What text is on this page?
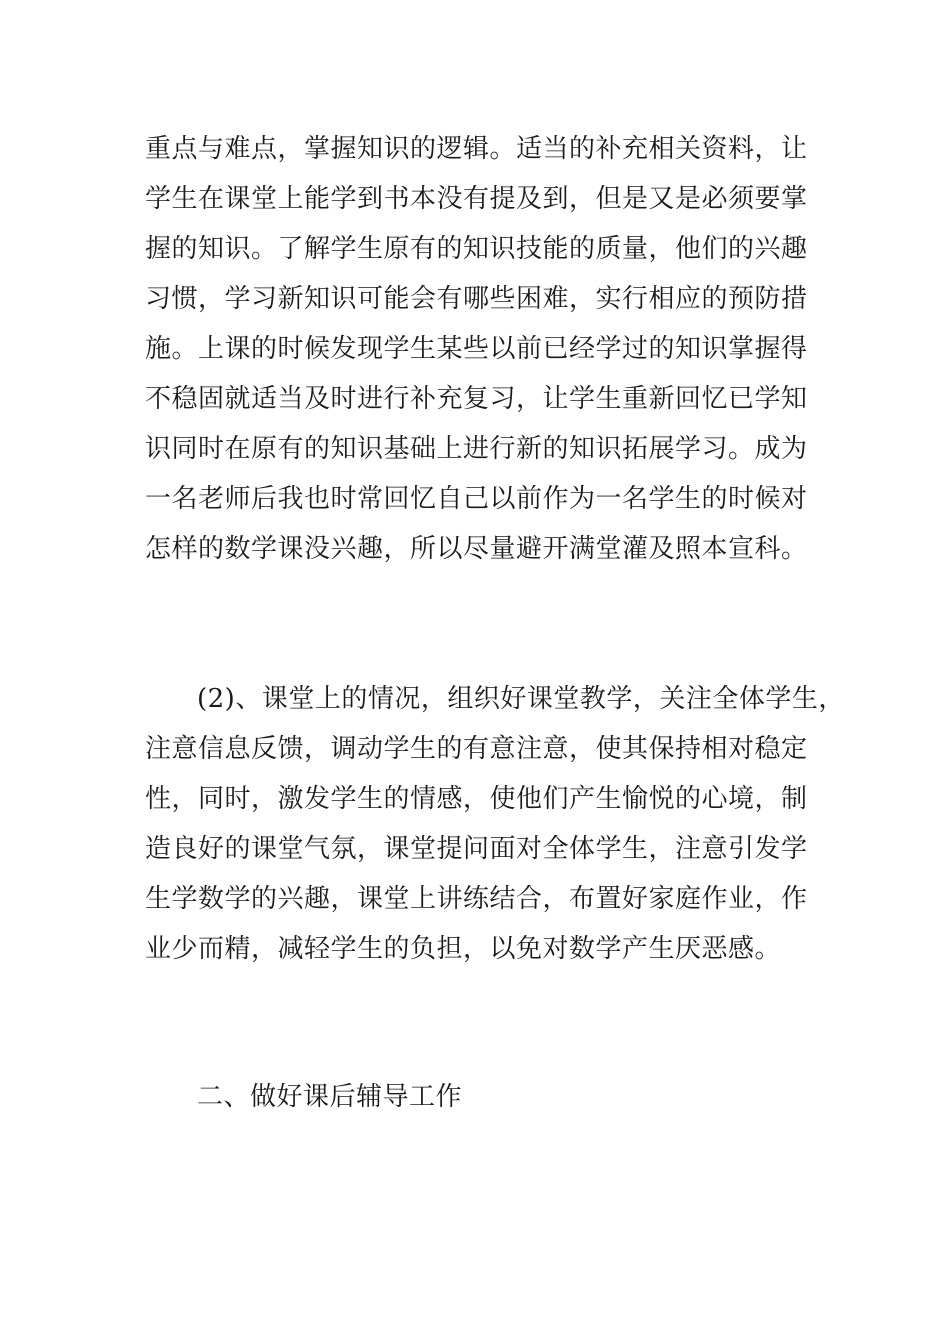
重点与难点，掌握知识的逻辑。适当的补充相关资料，让
学生在课堂上能学到书本没有提及到，但是又是必须要掌
握的知识。了解学生原有的知识技能的质量，他们的兴趣
习惯，学习新知识可能会有哪些困难，实行相应的预防措
施。上课的时候发现学生某些以前已经学过的知识掌握得
不稳固就适当及时进行补充复习，让学生重新回忆已学知
识同时在原有的知识基础上进行新的知识拓展学习。成为
一名老师后我也时常回忆自己以前作为一名学生的时候对
怎样的数学课没兴趣，所以尽量避开满堂灌及照本宣科。
(2)、课堂上的情况，组织好课堂教学，关注全体学生，
注意信息反馈，调动学生的有意注意，使其保持相对稳定
性，同时，激发学生的情感，使他们产生愉悦的心境，制
造良好的课堂气氛，课堂提问面对全体学生，注意引发学
生学数学的兴趣，课堂上讲练结合，布置好家庭作业，作
业少而精，减轻学生的负担，以免对数学产生厌恶感。
二、做好课后辅导工作
